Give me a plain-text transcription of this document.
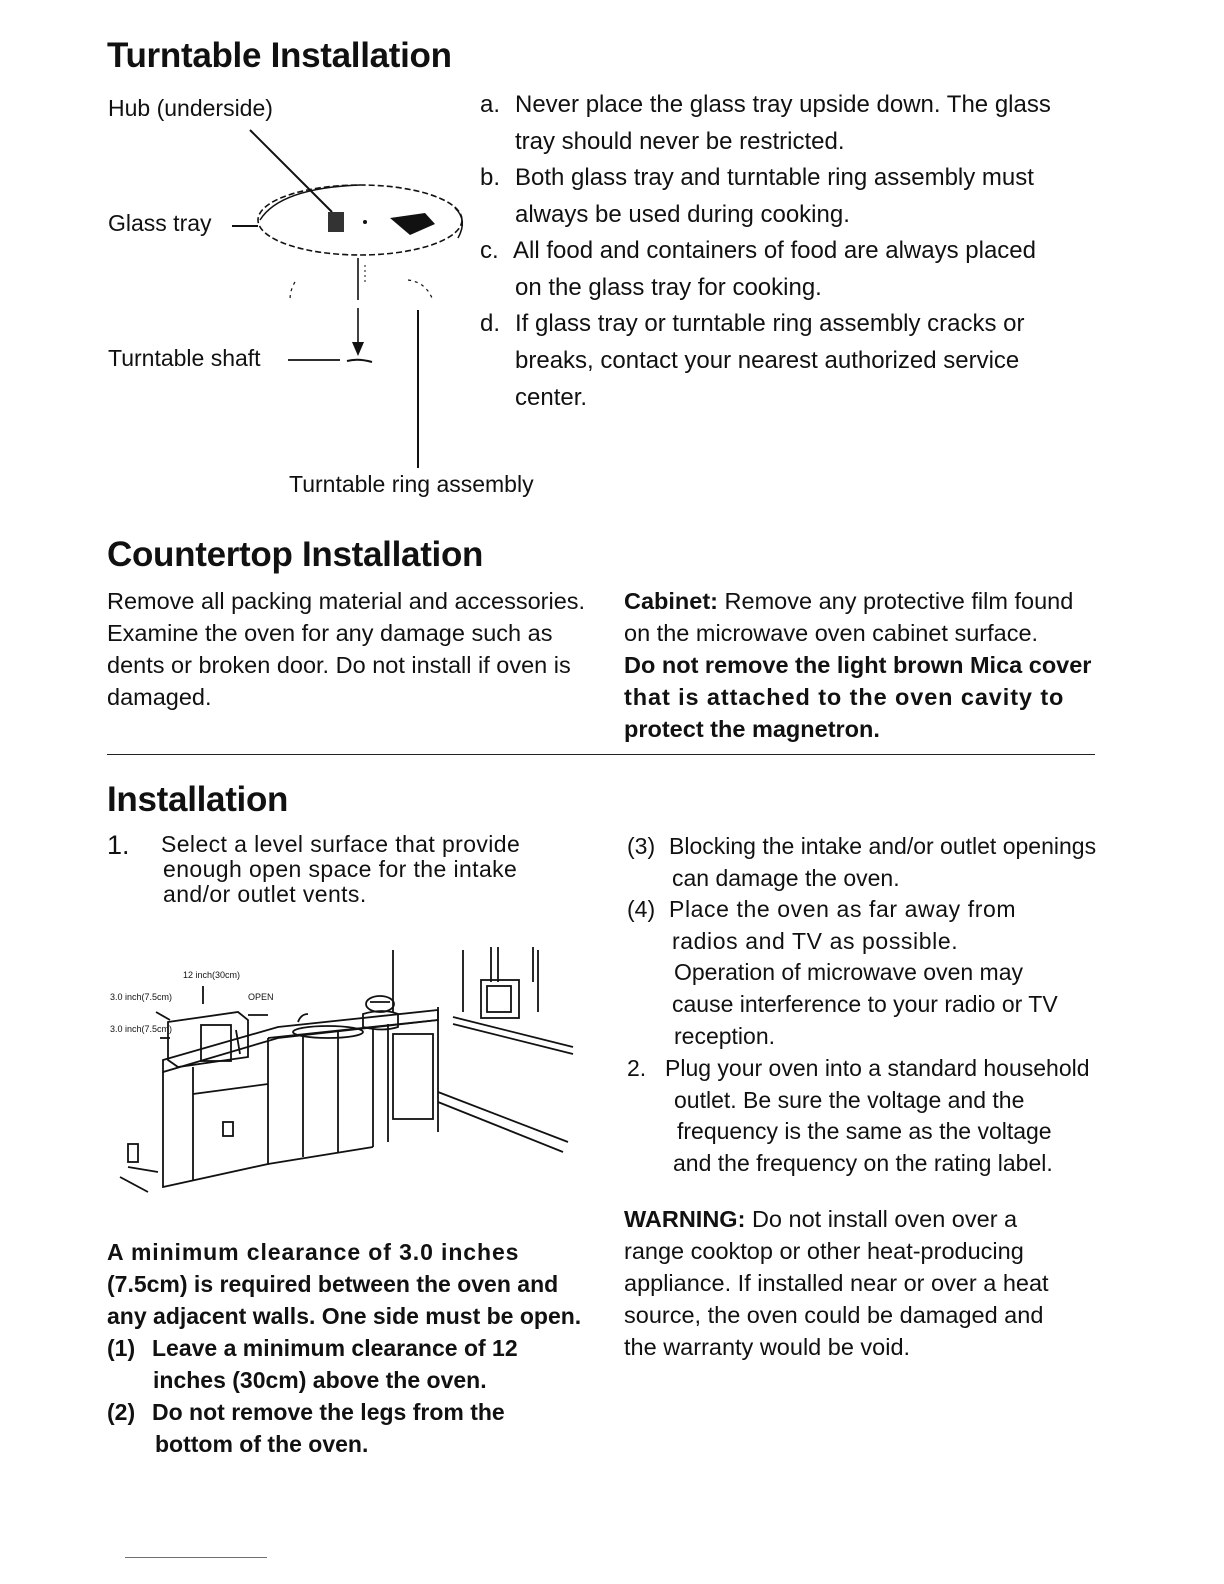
Turntable Installation
Hub (underside)
Glass tray
Turntable shaft
Turntable ring assembly
a. Never place the glass tray upside down. The glass
tray should never be restricted.
b. Both glass tray and turntable ring assembly must
always be used during cooking.
c. All food and containers of food are always placed
on the glass tray for cooking.
d. If glass tray or turntable ring assembly cracks or
breaks, contact your nearest authorized service
center.
Countertop Installation
Remove all packing material and accessories.
Examine the oven for any damage such as
dents or broken door. Do not install if oven is
damaged.
Cabinet: Remove any protective film found
on the microwave oven cabinet surface.
Do not remove the light brown Mica cover
that is attached to the oven cavity to
protect the magnetron.
Installation
1. Select a level surface that provide
enough open space for the intake
and/or outlet vents.
12 inch(30cm)
3.0 inch(7.5cm)	OPEN
3.0 inch(7.5cm)
A minimum clearance of 3.0 inches
(7.5cm) is required between the oven and
any adjacent walls. One side must be open.
(1) Leave a minimum clearance of 12
inches (30cm) above the oven.
(2) Do not remove the legs from the
bottom of the oven.
(3) Blocking the intake and/or outlet openings
can damage the oven.
(4) Place the oven as far away from
radios and TV as possible.
Operation of microwave oven may
cause interference to your radio or TV
reception.
2. Plug your oven into a standard household
outlet. Be sure the voltage and the
frequency is the same as the voltage
and the frequency on the rating label.
WARNING: Do not install oven over a
range cooktop or other heat-producing
appliance. If installed near or over a heat
source, the oven could be damaged and
the warranty would be void.
